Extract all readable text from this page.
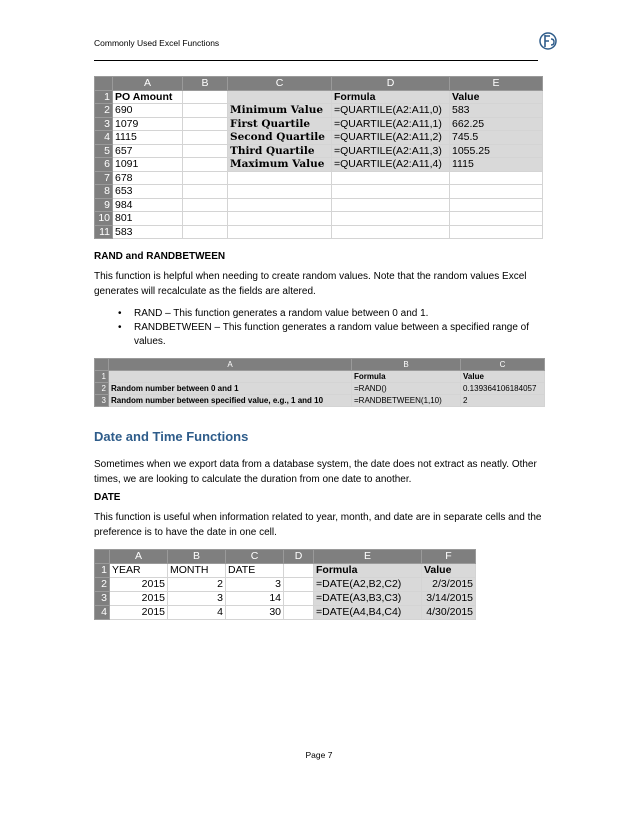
Commonly Used Excel Functions
	A	B	C	D	E
1	PO Amount			Formula	Value
2	690		Minimum Value	=QUARTILE(A2:A11,0)	583
3	1079		First Quartile	=QUARTILE(A2:A11,1)	662.25
4	1115		Second Quartile	=QUARTILE(A2:A11,2)	745.5
5	657		Third Quartile	=QUARTILE(A2:A11,3)	1055.25
6	1091		Maximum Value	=QUARTILE(A2:A11,4)	1115
7	678				
8	653				
9	984				
10	801				
11	583				
RAND and RANDBETWEEN
This function is helpful when needing to create random values. Note that the random values Excel generates will recalculate as the fields are altered.
• RAND – This function generates a random value between 0 and 1.
• RANDBETWEEN – This function generates a random value between a specified range of values.
	A	B	C
1		Formula	Value
2	Random number between 0 and 1	=RAND()	0.139364106184057
3	Random number between specified value, e.g., 1 and 10	=RANDBETWEEN(1,10)	2
Date and Time Functions
Sometimes when we export data from a database system, the date does not extract as neatly. Other times, we are looking to calculate the duration from one date to another.
DATE
This function is useful when information related to year, month, and date are in separate cells and the preference is to have the date in one cell.
	A	B	C	D	E	F
1	YEAR	MONTH	DATE		Formula	Value
2	2015	2	3		=DATE(A2,B2,C2)	2/3/2015
3	2015	3	14		=DATE(A3,B3,C3)	3/14/2015
4	2015	4	30		=DATE(A4,B4,C4)	4/30/2015
Page 7
